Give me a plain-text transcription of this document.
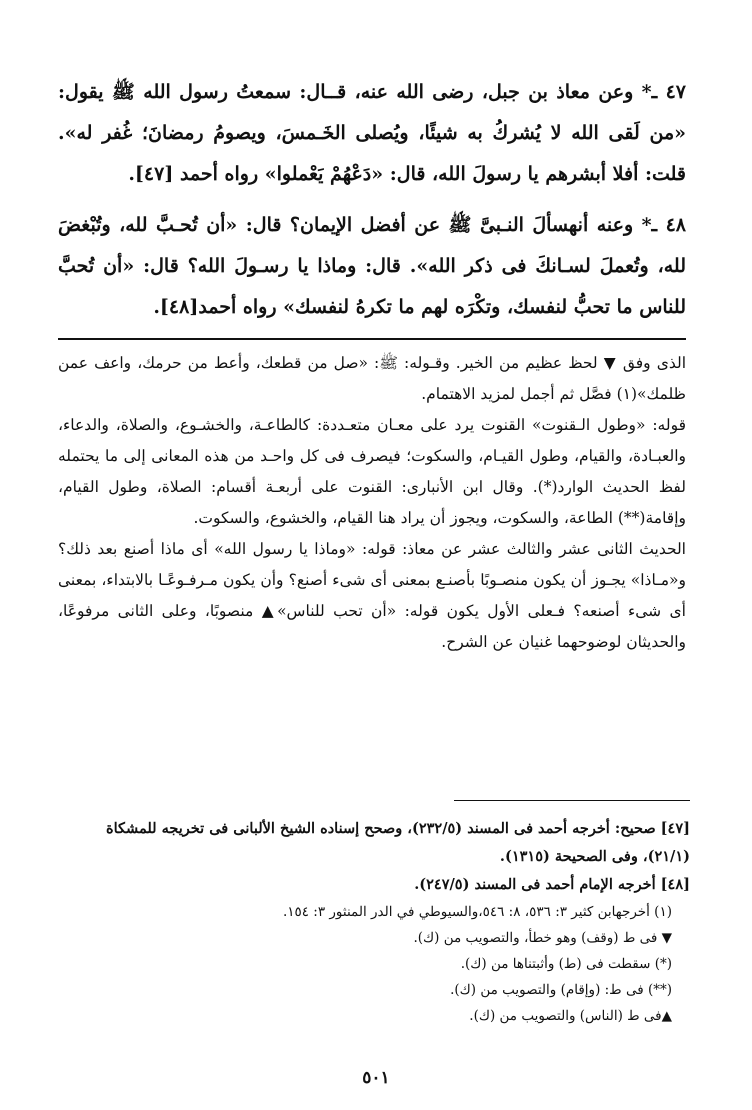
٤٧ ـ* وعن معاذ بن جبل، رضى الله عنه، قــال: سمعتُ رسول الله ﷺ يقول: «من لَقى الله لا يُشركُ به شيئًا، ويُصلى الخَـمسَ، ويصومُ رمضانَ؛ غُفر له». قلت: أفلا أبشرهم يا رسولَ الله، قال: «دَعْهُمْ يَعْملوا» رواه أحمد [٤٧].

٤٨ ـ* وعنه أنهسألَ النـبىَّ ﷺ عن أفضل الإيمان؟ قال: «أن تُحـبَّ لله، وتُبْغضَ لله، وتُعملَ لسـانكَ فى ذكر الله». قال: وماذا يا رسـولَ الله؟ قال: «أن تُحبَّ للناس ما تحبُّ لنفسك، وتكْرَه لهم ما تكرهُ لنفسك» رواه أحمد[٤٨].

الذى وفق ▼ لحظ عظيم من الخير. وقـوله: ﷺ: «صل من قطعك، وأعط من حرمك، واعف عمن ظلمك»(١) فصَّل ثم أجمل لمزيد الاهتمام.

قوله: «وطول الـقنوت» القنوت يرد على معـان متعـددة: كالطاعـة، والخشـوع، والصلاة، والدعاء، والعبـادة، والقيام، وطول القيـام، والسكوت؛ فيصرف فى كل واحـد من هذه المعانى إلى ما يحتمله لفظ الحديث الوارد(*). وقال ابن الأنبارى: القنوت على أربعـة أقسام: الصلاة، وطول القيام، وإقامة(**) الطاعة، والسكوت، ويجوز أن يراد هنا القيام، والخشوع، والسكوت.

الحديث الثانى عشر والثالث عشر عن معاذ: قوله: «وماذا يا رسول الله» أى ماذا أصنع بعد ذلك؟ و«مـاذا» يجـوز أن يكون منصـوبًا بأصنـع بمعنى أى شىء أصنع؟ وأن يكون مـرفـوعًـا بالابتداء، بمعنى أى شىء أصنعه؟ فـعلى الأول يكون قوله: «أن تحب للناس»▲ منصوبًا، وعلى الثانى مرفوعًا، والحديثان لوضوحهما غنيان عن الشرح.

[٤٧] صحيح: أخرجه أحمد فى المسند (٢٣٢/٥)، وصحح إسناده الشيخ الألبانى فى تخريجه للمشكاة (٢١/١)، وفى الصحيحة (١٣١٥).

[٤٨] أخرجه الإمام أحمد فى المسند (٢٤٧/٥).

(١) أخرجهابن كثير ٣: ٥٣٦، ٨: ٥٤٦،والسيوطي في الدر المنثور ٣: ١٥٤.

▼ فى ط (وقف) وهو خطأ، والتصويب من (ك).

(*) سقطت فى (ط) وأثبتناها من (ك).

(**) فى ط: (وإقام) والتصويب من (ك).

▲فى ط (الناس) والتصويب من (ك).

٥٠١
